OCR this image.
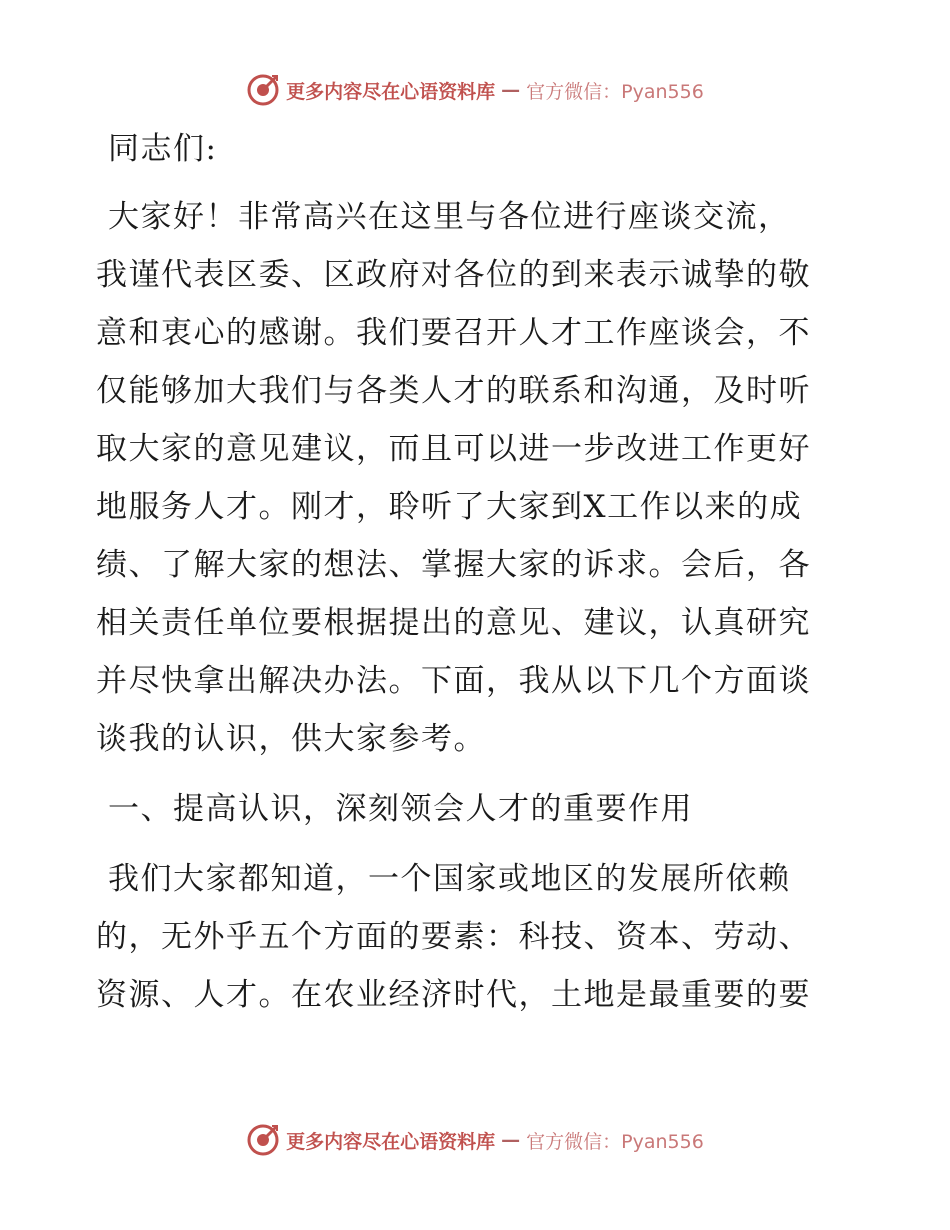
更多内容尽在心语资料库 — 官方微信：Pyan556

同志们:

大家好！非常高兴在这里与各位进行座谈交流，
我谨代表区委、区政府对各位的到来表示诚挚的敬
意和衷心的感谢。我们要召开人才工作座谈会，不
仅能够加大我们与各类人才的联系和沟通，及时听
取大家的意见建议，而且可以进一步改进工作更好
地服务人才。刚才，聆听了大家到X工作以来的成
绩、了解大家的想法、掌握大家的诉求。会后，各
相关责任单位要根据提出的意见、建议，认真研究
并尽快拿出解决办法。下面，我从以下几个方面谈
谈我的认识，供大家参考。

一、提高认识，深刻领会人才的重要作用

我们大家都知道，一个国家或地区的发展所依赖
的，无外乎五个方面的要素：科技、资本、劳动、
资源、人才。在农业经济时代，土地是最重要的要
更多内容尽在心语资料库 — 官方微信：Pyan556
